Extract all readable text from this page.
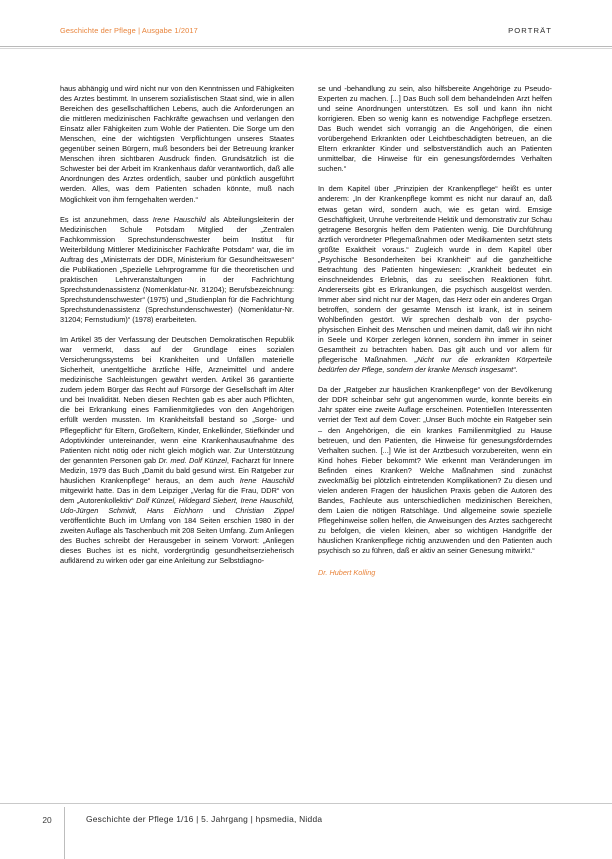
Geschichte der Pflege | Ausgabe 1/2017	PORTRÄT

haus abhängig und wird nicht nur von den Kenntnissen und Fähigkeiten des Arztes bestimmt. In unserem sozialistischen Staat sind, wie in allen Bereichen des gesellschaftlichen Lebens, auch die Anforderungen an die mittleren medizinischen Fachkräfte gewachsen und verlangen den Einsatz aller Fähigkeiten zum Wohle der Patienten. Die Sorge um den Menschen, eine der wichtigsten Verpflichtungen unseres Staates gegenüber seinen Bürgern, muß besonders bei der Betreuung kranker Menschen ihren sichtbaren Ausdruck finden. Grundsätzlich ist die Schwester bei der Arbeit im Krankenhaus dafür verantwortlich, daß alle Anordnungen des Arztes ordentlich, sauber und pünktlich ausgeführt werden. Alles, was dem Patienten schaden könnte, muß nach Möglichkeit von ihm ferngehalten werden.“

Es ist anzunehmen, dass Irene Hauschild als Abteilungsleiterin der Medizinischen Schule Potsdam Mitglied der „Zentralen Fachkommission Sprechstundenschwester beim Institut für Weiterbildung Mittlerer Medizinischer Fachkräfte Potsdam“ war, die im Auftrag des „Ministerrats der DDR, Ministerium für Gesundheitswesen“ die Publikationen „Spezielle Lehrprogramme für die theoretischen und praktischen Lehrveranstaltungen in der Fachrichtung Sprechstundenassistenz (Nomenklatur-Nr. 31204); Berufsbezeichnung: Sprechstundenschwester“ (1975) und „Studienplan für die Fachrichtung Sprechstundenassistenz (Sprechstundenschwester) (Nomenklatur-Nr. 31204; Fernstudium)“ (1978) erarbeiteten.

Im Artikel 35 der Verfassung der Deutschen Demokratischen Republik war vermerkt, dass auf der Grundlage eines sozialen Versicherungssystems bei Krankheiten und Unfällen materielle Sicherheit, unentgeltliche ärztliche Hilfe, Arzneimittel und andere medizinische Sachleistungen gewährt werden. Artikel 36 garantierte zudem jedem Bürger das Recht auf Fürsorge der Gesellschaft im Alter und bei Invalidität. Neben diesen Rechten gab es aber auch Pflichten, die bei Erkrankung eines Familienmitgliedes von den Angehörigen erfüllt werden mussten. Im Krankheitsfall bestand so „Sorge- und Pflegepflicht“ für Eltern, Großeltern, Kinder, Enkelkinder, Stiefkinder und Adoptivkinder untereinander, wenn eine Krankenhausaufnahme des Patienten nicht nötig oder nicht gleich möglich war. Zur Unterstützung der genannten Personen gab Dr. med. Dolf Künzel, Facharzt für Innere Medizin, 1979 das Buch „Damit du bald gesund wirst. Ein Ratgeber zur häuslichen Krankenpflege“ heraus, an dem auch Irene Hauschild mitgewirkt hatte. Das in dem Leipziger „Verlag für die Frau, DDR“ von dem „Autorenkollektiv“ Dolf Künzel, Hildegard Siebert, Irene Hauschild, Udo-Jürgen Schmidt, Hans Eichhorn und Christian Zippel veröffentlichte Buch im Umfang von 184 Seiten erschien 1980 in der zweiten Auflage als Taschenbuch mit 208 Seiten Umfang. Zum Anliegen des Buches schreibt der Herausgeber in seinem Vorwort: „Anliegen dieses Buches ist es nicht, vordergründig gesundheitserzieherisch aufklärend zu wirken oder gar eine Anleitung zur Selbstdiagno-

se und -behandlung zu sein, also hilfsbereite Angehörige zu Pseudo-Experten zu machen. [...] Das Buch soll dem behandelnden Arzt helfen und seine Anordnungen unterstützen. Es soll und kann ihn nicht korrigieren. Eben so wenig kann es notwendige Fachpflege ersetzen. Das Buch wendet sich vorrangig an die Angehörigen, die einen vorübergehend Erkrankten oder Leichtbeschädigten betreuen, an die Eltern erkrankter Kinder und selbstverständlich auch an Patienten unmittelbar, die Hinweise für ein genesungsförderndes Verhalten suchen.“

In dem Kapitel über „Prinzipien der Krankenpflege“ heißt es unter anderem: „In der Krankenpflege kommt es nicht nur darauf an, daß etwas getan wird, sondern auch, wie es getan wird. Emsige Geschäftigkeit, Unruhe verbreitende Hektik und demonstrativ zur Schau getragene Besorgnis helfen dem Patienten wenig. Die Durchführung ärztlich verordneter Pflegemaßnahmen oder Medikamenten setzt stets größte Exaktheit voraus.“ Zugleich wurde in dem Kapitel über „Psychische Besonderheiten bei Krankheit“ auf die ganzheitliche Betrachtung des Patienten hingewiesen: „Krankheit bedeutet ein einschneidendes Erlebnis, das zu seelischen Reaktionen führt. Andererseits gibt es Erkrankungen, die psychisch ausgelöst werden. Immer aber sind nicht nur der Magen, das Herz oder ein anderes Organ betroffen, sondern der gesamte Mensch ist krank, ist in seinem Wohlbefinden gestört. Wir sprechen deshalb von der psycho-physischen Einheit des Menschen und meinen damit, daß wir ihn nicht in Seele und Körper zerlegen können, sondern ihn immer in seiner Gesamtheit zu betrachten haben. Das gilt auch und vor allem für pflegerische Maßnahmen. „Nicht nur die erkrankten Körperteile bedürfen der Pflege, sondern der kranke Mensch insgesamt“.

Da der „Ratgeber zur häuslichen Krankenpflege“ von der Bevölkerung der DDR scheinbar sehr gut angenommen wurde, konnte bereits ein Jahr später eine zweite Auflage erscheinen. Potentiellen Interessenten verriet der Text auf dem Cover: „Unser Buch möchte ein Ratgeber sein – den Angehörigen, die ein krankes Familienmitglied zu Hause betreuen, und den Patienten, die Hinweise für genesungsförderndes Verhalten suchen. [...] Wie ist der Arztbesuch vorzubereiten, wenn ein Kind hohes Fieber bekommt? Wie erkennt man Veränderungen im Befinden eines Kranken? Welche Maßnahmen sind zunächst zweckmäßig bei plötzlich eintretenden Komplikationen? Zu diesen und vielen anderen Fragen der häuslichen Praxis geben die Autoren des Bandes, Fachleute aus unterschiedlichen medizinischen Bereichen, dem Laien die nötigen Ratschläge. Und allgemeine sowie spezielle Pflegehinweise sollen helfen, die Anweisungen des Arztes sachgerecht zu befolgen, die vielen kleinen, aber so wichtigen Handgriffe der häuslichen Krankenpflege richtig anzuwenden und den Patienten auch psychisch so zu führen, daß er aktiv an seiner Genesung mitwirkt.“

Dr. Hubert Kolling
20	Geschichte der Pflege 1/16 | 5. Jahrgang | hpsmedia, Nidda
